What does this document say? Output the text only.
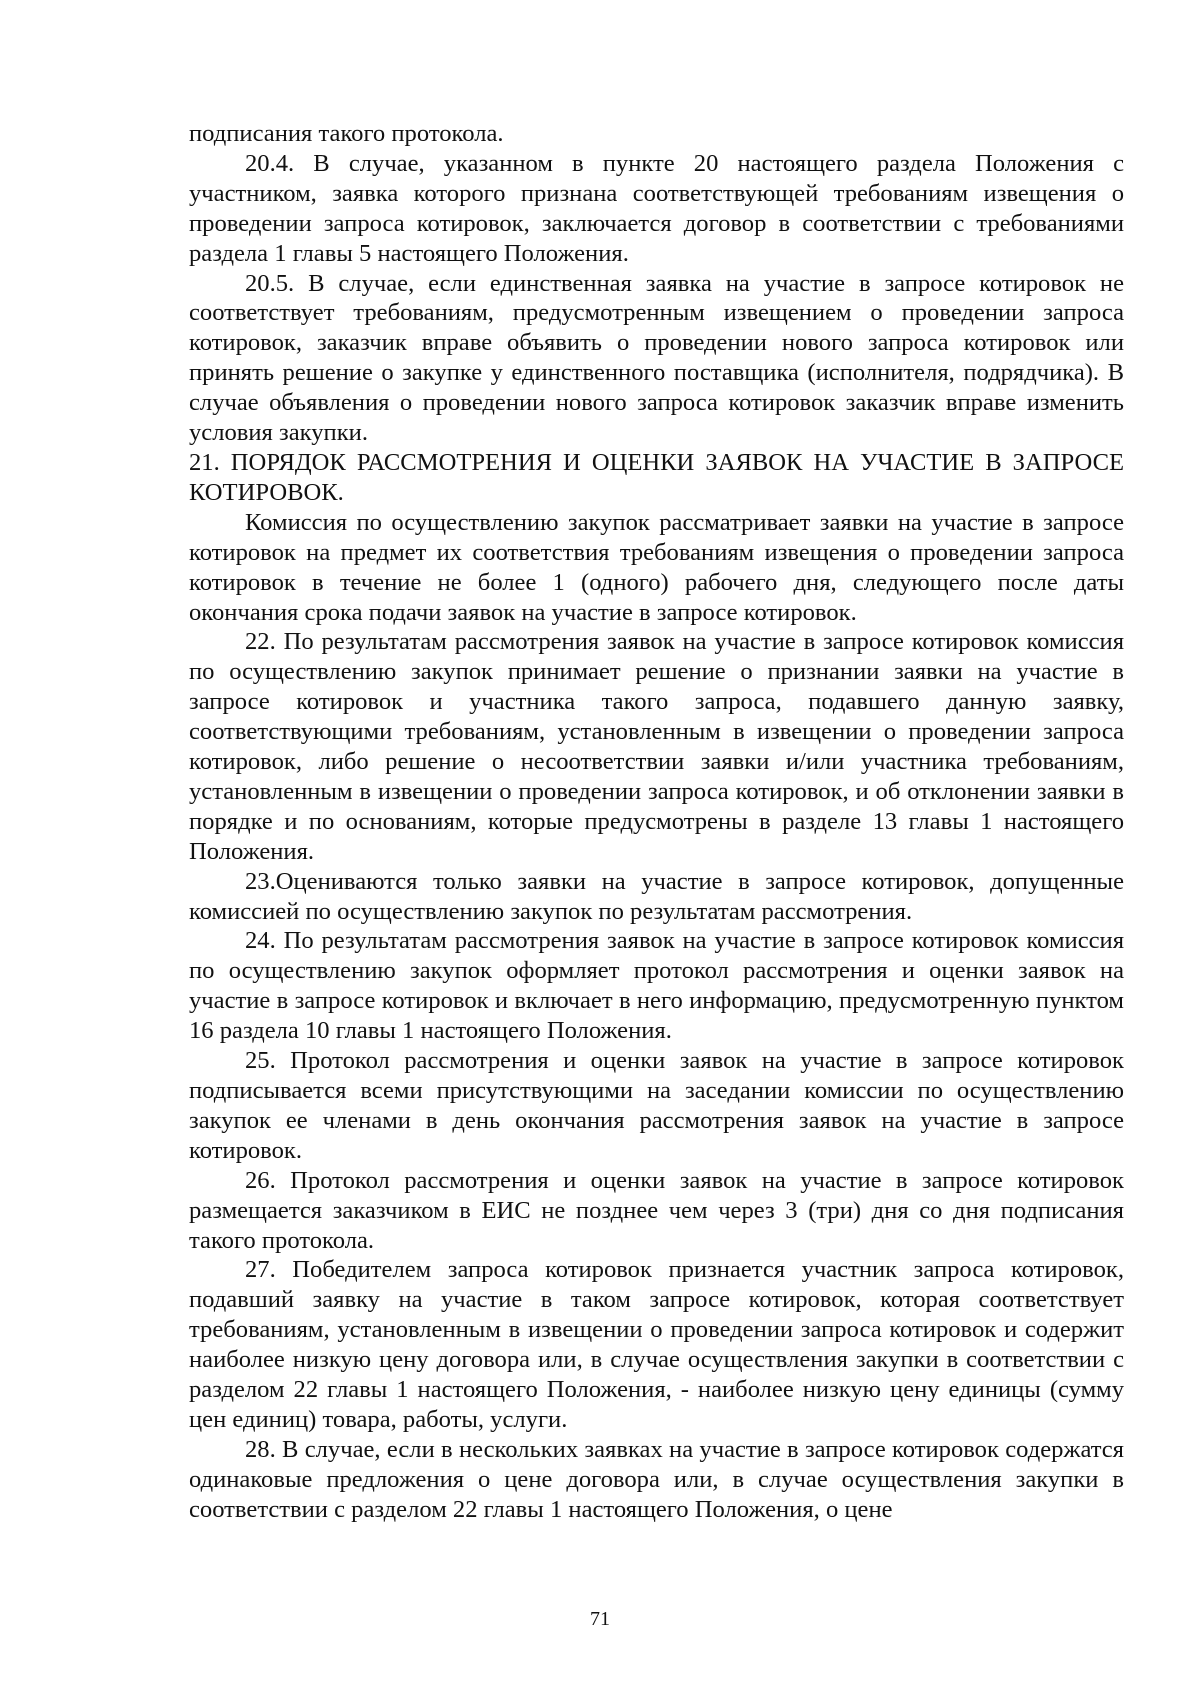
подписания такого протокола.

20.4. В случае, указанном в пункте 20 настоящего раздела Положения с участником, заявка которого признана соответствующей требованиям извещения о проведении запроса котировок, заключается договор в соответствии с требованиями раздела 1 главы 5 настоящего Положения.

20.5. В случае, если единственная заявка на участие в запросе котировок не соответствует требованиям, предусмотренным извещением о проведении запроса котировок, заказчик вправе объявить о проведении нового запроса котировок или принять решение о закупке у единственного поставщика (исполнителя, подрядчика). В случае объявления о проведении нового запроса котировок заказчик вправе изменить условия закупки.

21. ПОРЯДОК РАССМОТРЕНИЯ И ОЦЕНКИ ЗАЯВОК НА УЧАСТИЕ В ЗАПРОСЕ КОТИРОВОК.

Комиссия по осуществлению закупок рассматривает заявки на участие в запросе котировок на предмет их соответствия требованиям извещения о проведении запроса котировок в течение не более 1 (одного) рабочего дня, следующего после даты окончания срока подачи заявок на участие в запросе котировок.

22. По результатам рассмотрения заявок на участие в запросе котировок комиссия по осуществлению закупок принимает решение о признании заявки на участие в запросе котировок и участника такого запроса, подавшего данную заявку, соответствующими требованиям, установленным в извещении о проведении запроса котировок, либо решение о несоответствии заявки и/или участника требованиям, установленным в извещении о проведении запроса котировок, и об отклонении заявки в порядке и по основаниям, которые предусмотрены в разделе 13 главы 1 настоящего Положения.

23.Оцениваются только заявки на участие в запросе котировок, допущенные комиссией по осуществлению закупок по результатам рассмотрения.

24. По результатам рассмотрения заявок на участие в запросе котировок комиссия по осуществлению закупок оформляет протокол рассмотрения и оценки заявок на участие в запросе котировок и включает в него информацию, предусмотренную пунктом 16 раздела 10 главы 1 настоящего Положения.

25. Протокол рассмотрения и оценки заявок на участие в запросе котировок подписывается всеми присутствующими на заседании комиссии по осуществлению закупок ее членами в день окончания рассмотрения заявок на участие в запросе котировок.

26. Протокол рассмотрения и оценки заявок на участие в запросе котировок размещается заказчиком в ЕИС не позднее чем через 3 (три) дня со дня подписания такого протокола.

27. Победителем запроса котировок признается участник запроса котировок, подавший заявку на участие в таком запросе котировок, которая соответствует требованиям, установленным в извещении о проведении запроса котировок и содержит наиболее низкую цену договора или, в случае осуществления закупки в соответствии с разделом 22 главы 1 настоящего Положения, - наиболее низкую цену единицы (сумму цен единиц) товара, работы, услуги.

28. В случае, если в нескольких заявках на участие в запросе котировок содержатся одинаковые предложения о цене договора или, в случае осуществления закупки в соответствии с разделом 22 главы 1 настоящего Положения, о цене

71
